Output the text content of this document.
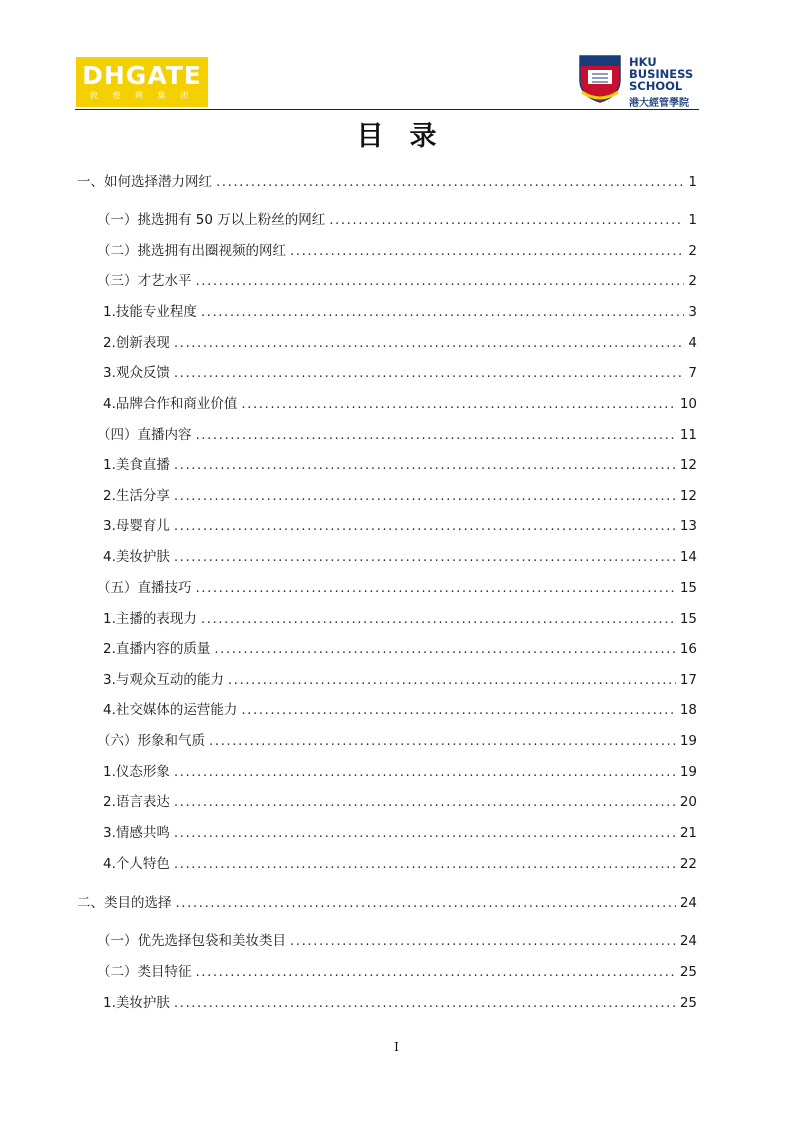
DHGATE
敦 煌 网 集 团
HKU
BUSINESS
SCHOOL
港大經管學院
目录
一、如何选择潜力网红 .....	1
（一）挑选拥有 50 万以上粉丝的网红 .....	1
（二）挑选拥有出圈视频的网红 .....	2
（三）才艺水平 .....	2
1.技能专业程度 .....	3
2.创新表现 .....	4
3.观众反馈 .....	7
4.品牌合作和商业价值 .....	10
（四）直播内容 .....	11
1.美食直播 .....	12
2.生活分享 .....	12
3.母婴育儿 .....	13
4.美妆护肤 .....	14
（五）直播技巧 .....	15
1.主播的表现力 .....	15
2.直播内容的质量 .....	16
3.与观众互动的能力 .....	17
4.社交媒体的运营能力 .....	18
（六）形象和气质 .....	19
1.仪态形象 .....	19
2.语言表达 .....	20
3.情感共鸣 .....	21
4.个人特色 .....	22
二、类目的选择 .....	24
（一）优先选择包袋和美妆类目 .....	24
（二）类目特征 .....	25
1.美妆护肤 .....	25
I
